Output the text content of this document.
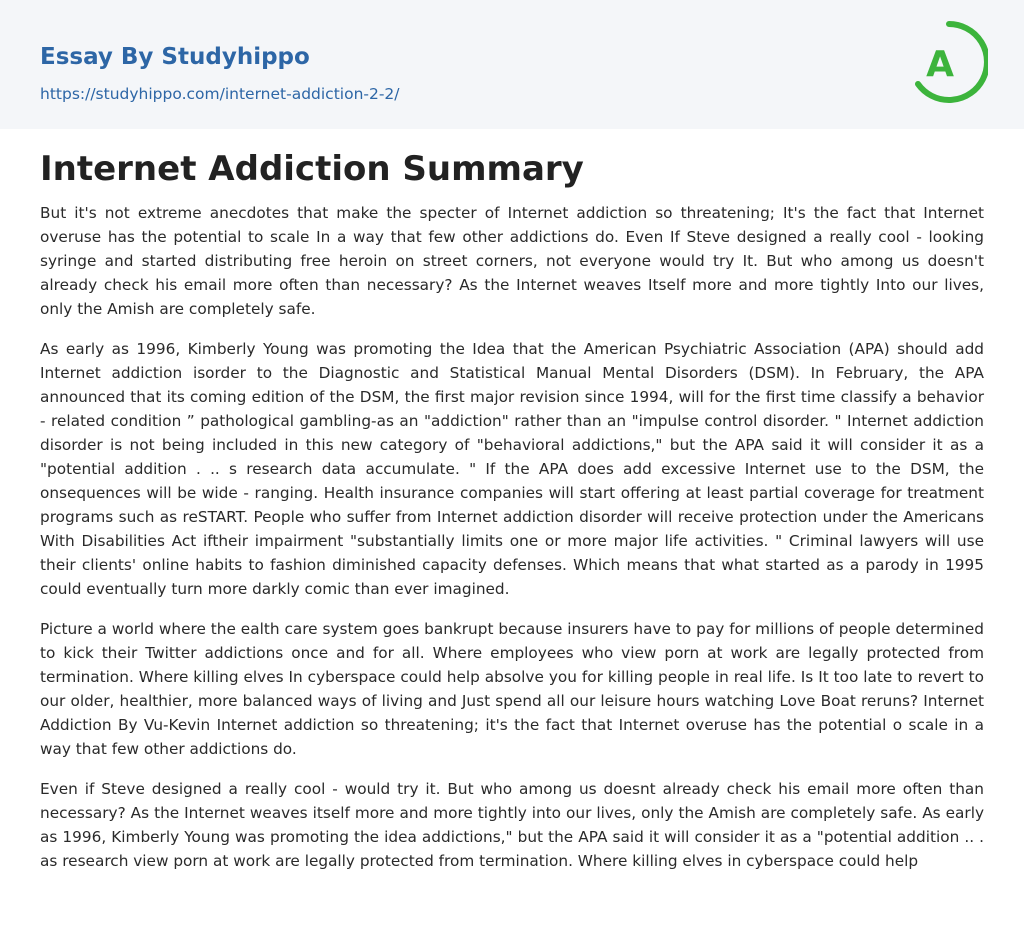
Essay By Studyhippo
https://studyhippo.com/internet-addiction-2-2/
A
Internet Addiction Summary

But it's not extreme anecdotes that make the specter of Internet addiction so threatening; It's the fact that Internet overuse has the potential to scale In a way that few other addictions do. Even If Steve designed a really cool - looking syringe and started distributing free heroin on street corners, not everyone would try It. But who among us doesn't already check his email more often than necessary? As the Internet weaves Itself more and more tightly Into our lives, only the Amish are completely safe.

As early as 1996, Kimberly Young was promoting the Idea that the American Psychiatric Association (APA) should add Internet addiction isorder to the Diagnostic and Statistical Manual Mental Disorders (DSM). In February, the APA announced that its coming edition of the DSM, the first major revision since 1994, will for the first time classify a behavior - related condition ” pathological gambling-as an "addiction" rather than an "impulse control disorder. " Internet addiction disorder is not being included in this new category of "behavioral addictions," but the APA said it will consider it as a "potential addition . .. s research data accumulate. " If the APA does add excessive Internet use to the DSM, the onsequences will be wide - ranging. Health insurance companies will start offering at least partial coverage for treatment programs such as reSTART. People who suffer from Internet addiction disorder will receive protection under the Americans With Disabilities Act iftheir impairment "substantially limits one or more major life activities. " Criminal lawyers will use their clients' online habits to fashion diminished capacity defenses. Which means that what started as a parody in 1995 could eventually turn more darkly comic than ever imagined.

Picture a world where the ealth care system goes bankrupt because insurers have to pay for millions of people determined to kick their Twitter addictions once and for all. Where employees who view porn at work are legally protected from termination. Where killing elves In cyberspace could help absolve you for killing people in real life. Is It too late to revert to our older, healthier, more balanced ways of living and Just spend all our leisure hours watching Love Boat reruns? Internet Addiction By Vu-Kevin Internet addiction so threatening; it's the fact that Internet overuse has the potential o scale in a way that few other addictions do.

Even if Steve designed a really cool - would try it. But who among us doesnt already check his email more often than necessary? As the Internet weaves itself more and more tightly into our lives, only the Amish are completely safe. As early as 1996, Kimberly Young was promoting the idea addictions," but the APA said it will consider it as a "potential addition .. . as research view porn at work are legally protected from termination. Where killing elves in cyberspace could help
